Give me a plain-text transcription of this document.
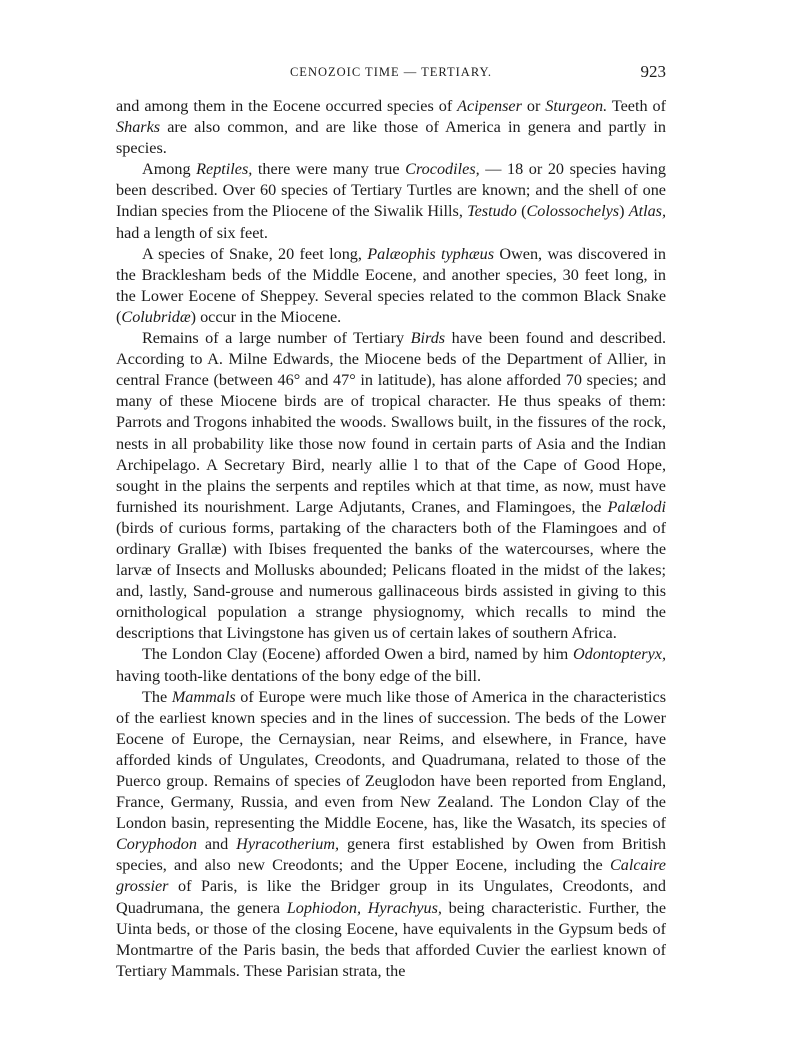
CENOZOIC TIME — TERTIARY.	923

and among them in the Eocene occurred species of Acipenser or Sturgeon. Teeth of Sharks are also common, and are like those of America in genera and partly in species.

Among Reptiles, there were many true Crocodiles, — 18 or 20 species having been described. Over 60 species of Tertiary Turtles are known; and the shell of one Indian species from the Pliocene of the Siwalik Hills, Testudo (Colossochelys) Atlas, had a length of six feet.

A species of Snake, 20 feet long, Palæophis typhæus Owen, was discovered in the Bracklesham beds of the Middle Eocene, and another species, 30 feet long, in the Lower Eocene of Sheppey. Several species related to the common Black Snake (Colubridæ) occur in the Miocene.

Remains of a large number of Tertiary Birds have been found and described. According to A. Milne Edwards, the Miocene beds of the Department of Allier, in central France (between 46° and 47° in latitude), has alone afforded 70 species; and many of these Miocene birds are of tropical character. He thus speaks of them: Parrots and Trogons inhabited the woods. Swallows built, in the fissures of the rock, nests in all probability like those now found in certain parts of Asia and the Indian Archipelago. A Secretary Bird, nearly allie l to that of the Cape of Good Hope, sought in the plains the serpents and reptiles which at that time, as now, must have furnished its nourishment. Large Adjutants, Cranes, and Flamingoes, the Palælodi (birds of curious forms, partaking of the characters both of the Flamingoes and of ordinary Grallæ) with Ibises frequented the banks of the watercourses, where the larvæ of Insects and Mollusks abounded; Pelicans floated in the midst of the lakes; and, lastly, Sand-grouse and numerous gallinaceous birds assisted in giving to this ornithological population a strange physiognomy, which recalls to mind the descriptions that Livingstone has given us of certain lakes of southern Africa.

The London Clay (Eocene) afforded Owen a bird, named by him Odontopteryx, having tooth-like dentations of the bony edge of the bill.

The Mammals of Europe were much like those of America in the characteristics of the earliest known species and in the lines of succession. The beds of the Lower Eocene of Europe, the Cernaysian, near Reims, and elsewhere, in France, have afforded kinds of Ungulates, Creodonts, and Quadrumana, related to those of the Puerco group. Remains of species of Zeuglodon have been reported from England, France, Germany, Russia, and even from New Zealand. The London Clay of the London basin, representing the Middle Eocene, has, like the Wasatch, its species of Coryphodon and Hyracotherium, genera first established by Owen from British species, and also new Creodonts; and the Upper Eocene, including the Calcaire grossier of Paris, is like the Bridger group in its Ungulates, Creodonts, and Quadrumana, the genera Lophiodon, Hyrachyus, being characteristic. Further, the Uinta beds, or those of the closing Eocene, have equivalents in the Gypsum beds of Montmartre of the Paris basin, the beds that afforded Cuvier the earliest known of Tertiary Mammals. These Parisian strata, the
